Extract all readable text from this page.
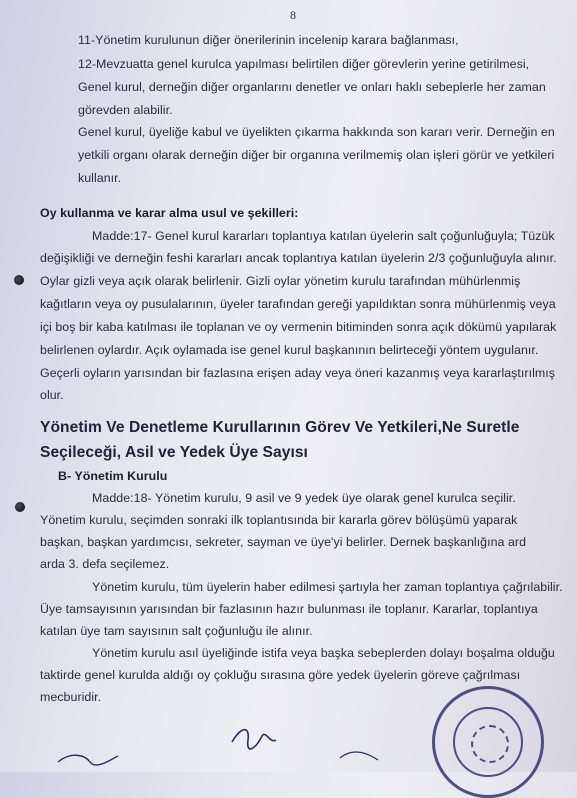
8
11-Yönetim kurulunun diğer önerilerinin incelenip karara bağlanması,
12-Mevzuatta genel kurulca yapılması belirtilen diğer görevlerin yerine getirilmesi,
Genel kurul, derneğin diğer organlarını denetler ve onları haklı sebeplerle her zaman
görevden alabilir.
Genel kurul, üyeliğe kabul ve üyelikten çıkarma hakkında son kararı verir. Derneğin en
yetkili organı olarak derneğin diğer bir organına verilmemiş olan işleri görür ve yetkileri
kullanır.
Oy kullanma ve karar alma usul ve şekilleri:
Madde:17- Genel kurul kararları toplantıya katılan üyelerin salt çoğunluğuyla; Tüzük
değişikliği ve derneğin feshi kararları ancak toplantıya katılan üyelerin 2/3 çoğunluğuyla alınır.
Oylar gizli veya açık olarak belirlenir. Gizli oylar yönetim kurulu tarafından mühürlenmiş
kağıtların veya oy pusulalarının, üyeler tarafından gereği yapıldıktan sonra mühürlenmiş veya
içi boş bir kaba katılması ile toplanan ve oy vermenin bitiminden sonra açık dökümü yapılarak
belirlenen oylardır. Açık oylamada ise genel kurul başkanının belirteceği yöntem uygulanır.
Geçerli oyların yarısından bir fazlasına erişen aday veya öneri kazanmış veya kararlaştırılmış
olur.
Yönetim Ve Denetleme Kurullarının Görev Ve Yetkileri,Ne Suretle
Seçileceği, Asil ve Yedek Üye Sayısı
B- Yönetim Kurulu
Madde:18- Yönetim kurulu, 9 asil ve 9 yedek üye olarak genel kurulca seçilir.
Yönetim kurulu, seçimden sonraki ilk toplantısında bir kararla görev bölüşümü yaparak
başkan, başkan yardımcısı, sekreter, sayman ve üye'yi belirler. Dernek başkanlığına ard
arda 3. defa seçilemez.
Yönetim kurulu, tüm üyelerin haber edilmesi şartıyla her zaman toplantıya çağrılabilir.
Üye tamsayısının yarısından bir fazlasının hazır bulunması ile toplanır. Kararlar, toplantıya
katılan üye tam sayısının salt çoğunluğu ile alınır.
Yönetim kurulu asıl üyeliğinde istifa veya başka sebeplerden dolayı boşalma olduğu
taktirde genel kurulda aldığı oy çokluğu sırasına göre yedek üyelerin göreve çağrılması
mecburidir.
